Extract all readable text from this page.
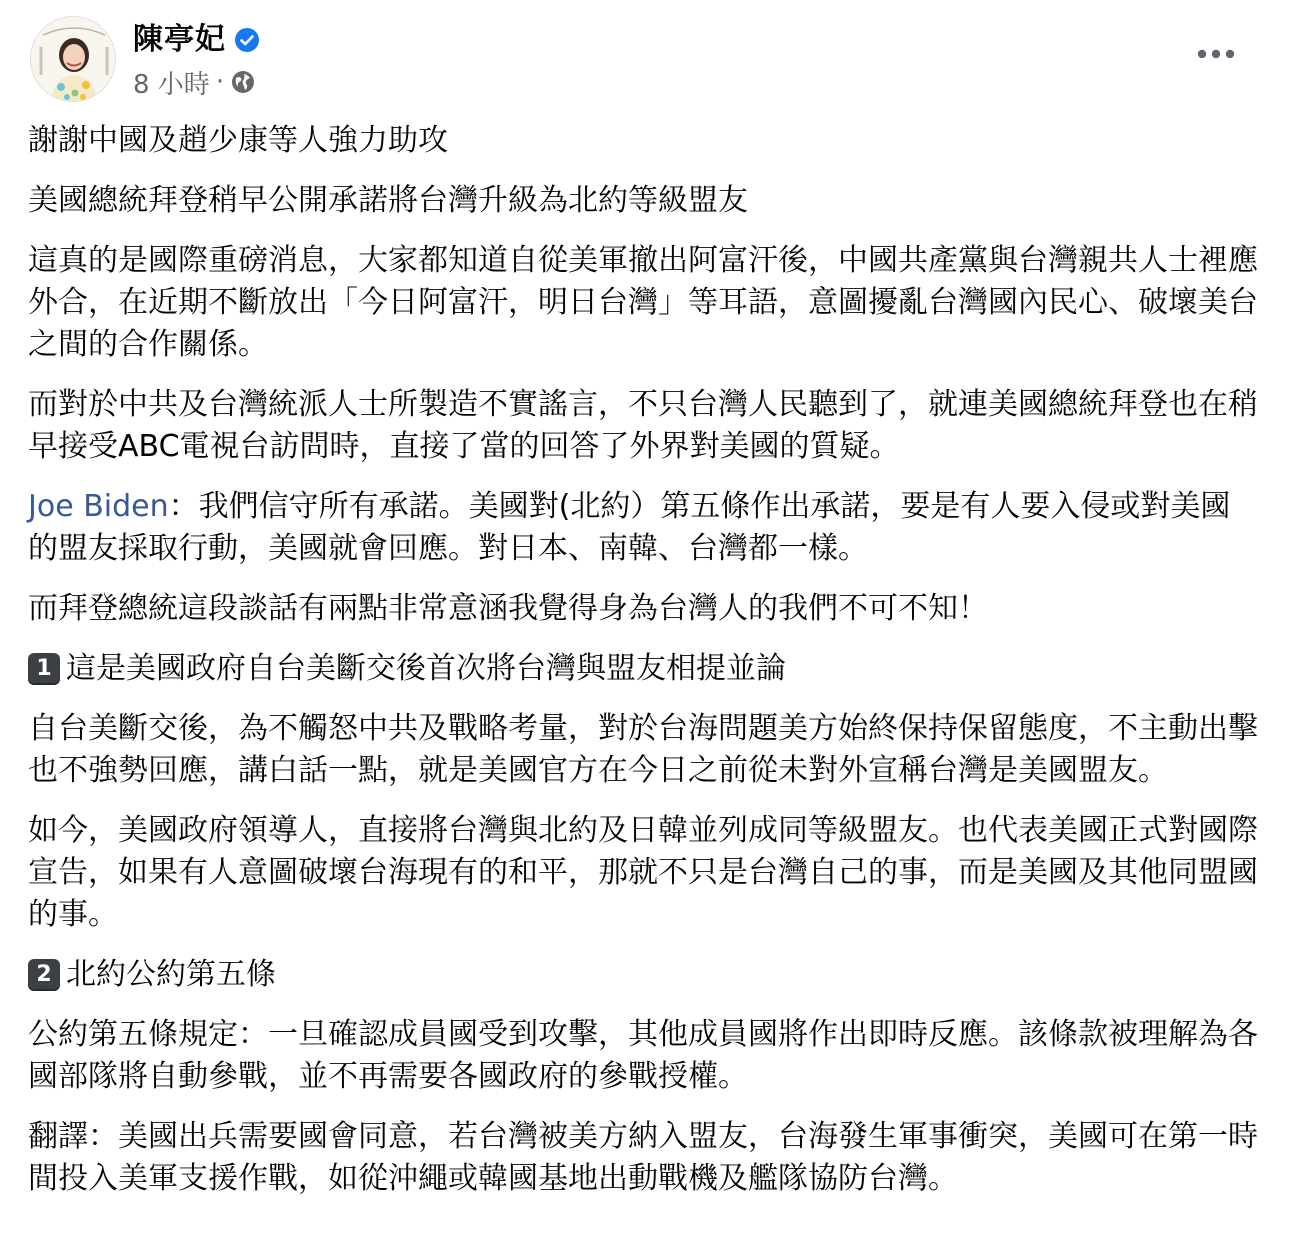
陳亭妃
8 小時 ·

謝謝中國及趙少康等人強力助攻

美國總統拜登稍早公開承諾將台灣升級為北約等級盟友

這真的是國際重磅消息，大家都知道自從美軍撤出阿富汗後，中國共產黨與台灣親共人士裡應外合，在近期不斷放出「今日阿富汗，明日台灣」等耳語，意圖擾亂台灣國內民心、破壞美台之間的合作關係。

而對於中共及台灣統派人士所製造不實謠言，不只台灣人民聽到了，就連美國總統拜登也在稍早接受ABC電視台訪問時，直接了當的回答了外界對美國的質疑。

Joe Biden：我們信守所有承諾。美國對(北約）第五條作出承諾，要是有人要入侵或對美國的盟友採取行動，美國就會回應。對日本、南韓、台灣都一樣。

而拜登總統這段談話有兩點非常意涵我覺得身為台灣人的我們不可不知！

1 這是美國政府自台美斷交後首次將台灣與盟友相提並論

自台美斷交後，為不觸怒中共及戰略考量，對於台海問題美方始終保持保留態度，不主動出擊也不強勢回應，講白話一點，就是美國官方在今日之前從未對外宣稱台灣是美國盟友。

如今，美國政府領導人，直接將台灣與北約及日韓並列成同等級盟友。也代表美國正式對國際宣告，如果有人意圖破壞台海現有的和平，那就不只是台灣自己的事，而是美國及其他同盟國的事。

2 北約公約第五條

公約第五條規定：一旦確認成員國受到攻擊，其他成員國將作出即時反應。該條款被理解為各國部隊將自動參戰，並不再需要各國政府的參戰授權。

翻譯：美國出兵需要國會同意，若台灣被美方納入盟友，台海發生軍事衝突，美國可在第一時間投入美軍支援作戰，如從沖繩或韓國基地出動戰機及艦隊協防台灣。
